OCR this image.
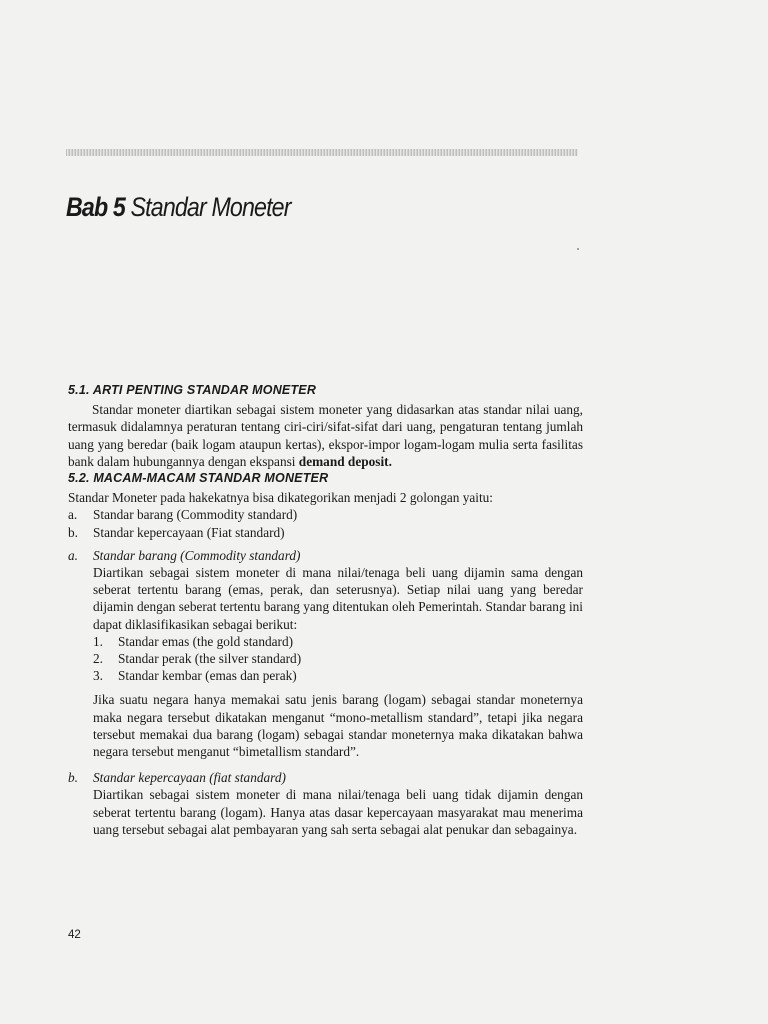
Bab 5 Standar Moneter
5.1. ARTI PENTING STANDAR MONETER

Standar moneter diartikan sebagai sistem moneter yang didasarkan atas standar nilai uang, termasuk didalamnya peraturan tentang ciri-ciri/sifat-sifat dari uang, pengaturan tentang jumlah uang yang beredar (baik logam ataupun kertas), ekspor-impor logam-logam mulia serta fasilitas bank dalam hubungannya dengan ekspansi demand deposit.

5.2. MACAM-MACAM STANDAR MONETER

Standar Moneter pada hakekatnya bisa dikategorikan menjadi 2 golongan yaitu:

a.	Standar barang (Commodity standard)
b.	Standar kepercayaan (Fiat standard)
a.	Standar barang (Commodity standard)

Diartikan sebagai sistem moneter di mana nilai/tenaga beli uang dijamin sama dengan seberat tertentu barang (emas, perak, dan seterusnya). Setiap nilai uang yang beredar dijamin dengan seberat tertentu barang yang ditentukan oleh Pemerintah. Standar barang ini dapat diklasifikasikan sebagai berikut:

1.	Standar emas (the gold standard)
2.	Standar perak (the silver standard)
3.	Standar kembar (emas dan perak)

Jika suatu negara hanya memakai satu jenis barang (logam) sebagai standar moneternya maka negara tersebut dikatakan menganut “mono-metallism standard”, tetapi jika negara tersebut memakai dua barang (logam) sebagai standar moneternya maka dikatakan bahwa negara tersebut menganut “bimetallism standard”.

b.	Standar kepercayaan (fiat standard)

Diartikan sebagai sistem moneter di mana nilai/tenaga beli uang tidak dijamin dengan seberat tertentu barang (logam). Hanya atas dasar kepercayaan masyarakat mau menerima uang tersebut sebagai alat pembayaran yang sah serta sebagai alat penukar dan sebagainya.

42
